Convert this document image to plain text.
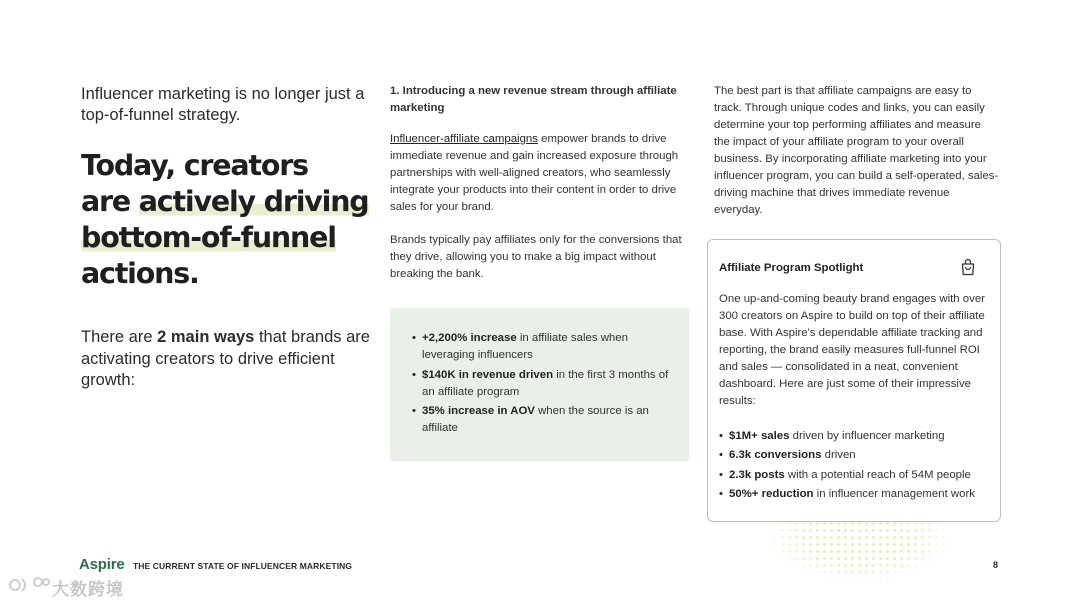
Influencer marketing is no longer just a top-of-funnel strategy.
Today, creators
are actively driving
bottom-of-funnel
actions.
There are 2 main ways that brands are activating creators to drive efficient growth:
1. Introducing a new revenue stream through affiliate marketing
Influencer-affiliate campaigns empower brands to drive immediate revenue and gain increased exposure through partnerships with well-aligned creators, who seamlessly integrate your products into their content in order to drive sales for your brand.
Brands typically pay affiliates only for the conversions that they drive, allowing you to make a big impact without breaking the bank.
• +2,200% increase in affiliate sales when leveraging influencers
• $140K in revenue driven in the first 3 months of an affiliate program
• 35% increase in AOV when the source is an affiliate
The best part is that affiliate campaigns are easy to track. Through unique codes and links, you can easily determine your top performing affiliates and measure the impact of your affiliate program to your overall business. By incorporating affiliate marketing into your influencer program, you can build a self-operated, sales-driving machine that drives immediate revenue everyday.
Affiliate Program Spotlight
One up-and-coming beauty brand engages with over 300 creators on Aspire to build on top of their affiliate base. With Aspire's dependable affiliate tracking and reporting, the brand easily measures full-funnel ROI and sales — consolidated in a neat, convenient dashboard. Here are just some of their impressive results:
• $1M+ sales driven by influencer marketing
• 6.3k conversions driven
• 2.3k posts with a potential reach of 54M people
• 50%+ reduction in influencer management work
Aspire THE CURRENT STATE OF INFLUENCER MARKETING	8
大数跨境
